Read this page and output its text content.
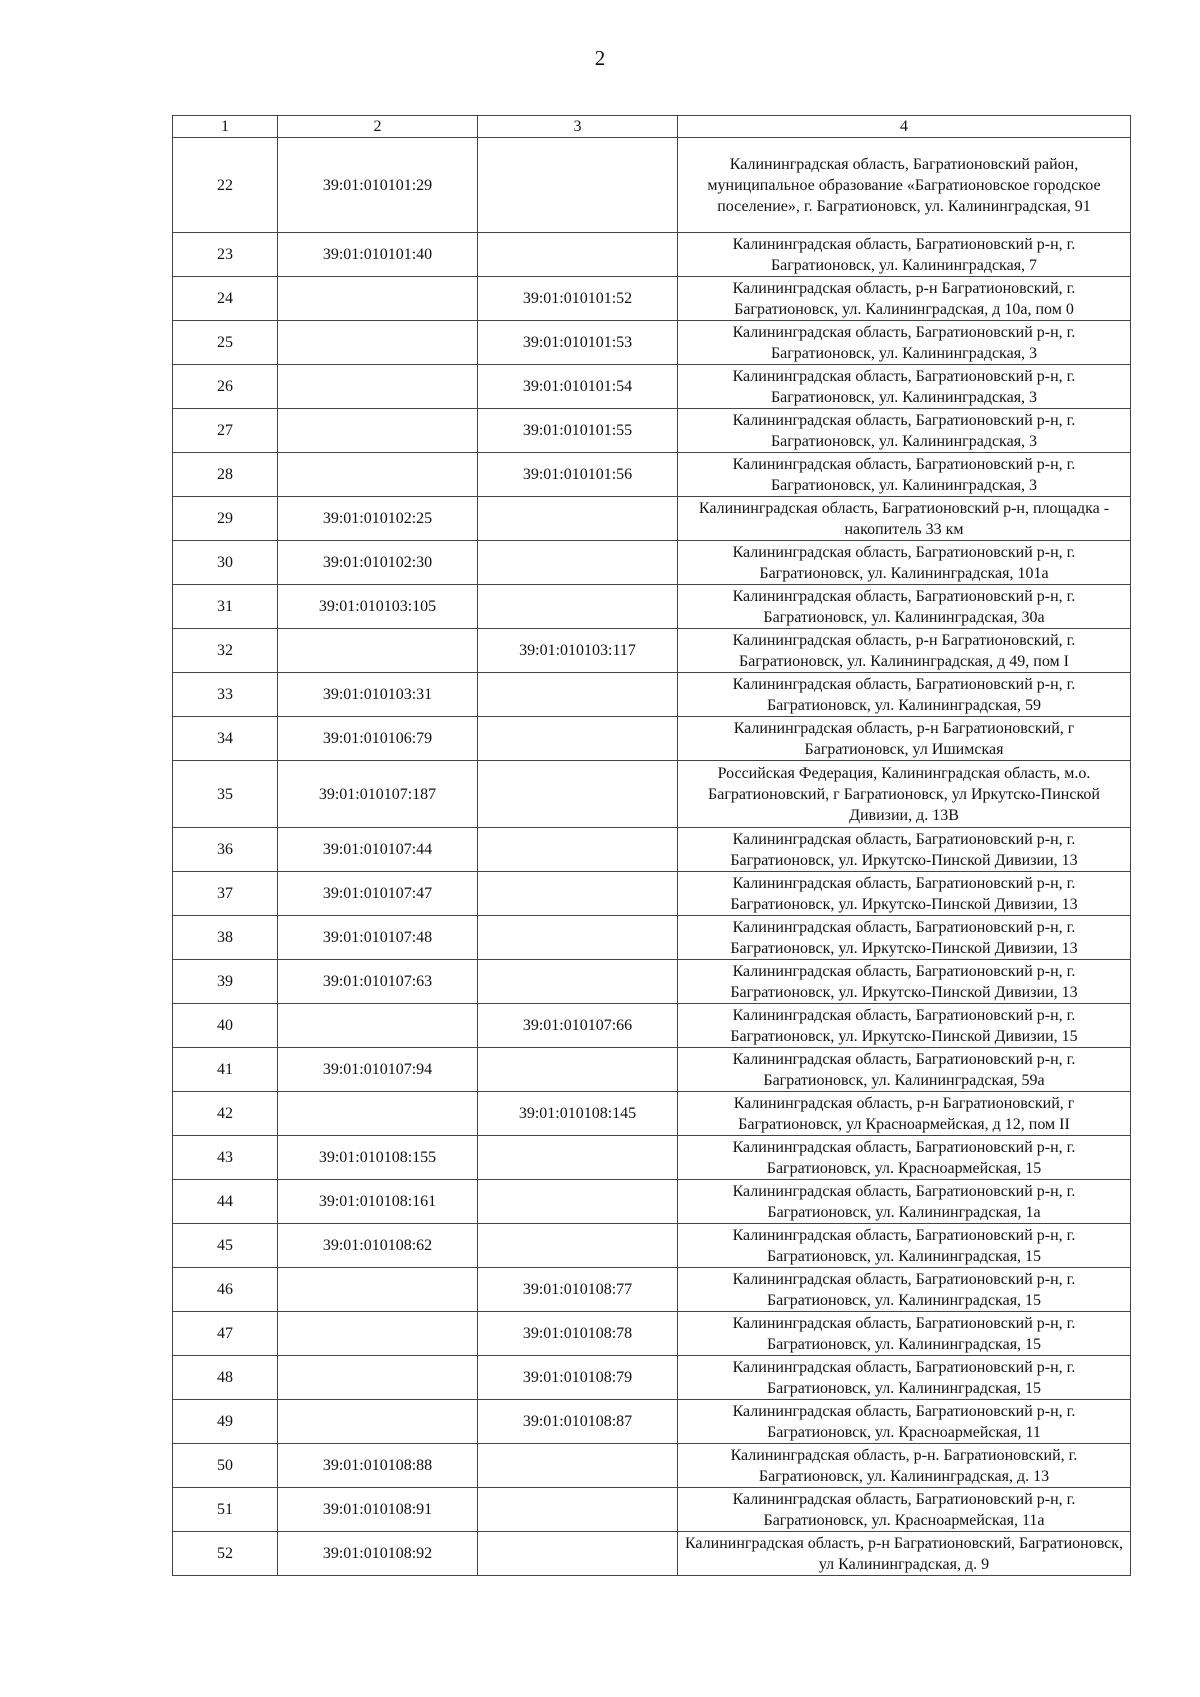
2
1	2	3	4
22	39:01:010101:29		Калининградская область, Багратионовский район, муниципальное образование «Багратионовское городское поселение», г. Багратионовск, ул. Калининградская, 91
23	39:01:010101:40		Калининградская область, Багратионовский р-н, г. Багратионовск, ул. Калининградская, 7
24		39:01:010101:52	Калининградская область, р-н Багратионовский, г. Багратионовск, ул. Калининградская, д 10а, пом 0
25		39:01:010101:53	Калининградская область, Багратионовский р-н, г. Багратионовск, ул. Калининградская, 3
26		39:01:010101:54	Калининградская область, Багратионовский р-н, г. Багратионовск, ул. Калининградская, 3
27		39:01:010101:55	Калининградская область, Багратионовский р-н, г. Багратионовск, ул. Калининградская, 3
28		39:01:010101:56	Калининградская область, Багратионовский р-н, г. Багратионовск, ул. Калининградская, 3
29	39:01:010102:25		Калининградская область, Багратионовский р-н, площадка - накопитель 33 км
30	39:01:010102:30		Калининградская область, Багратионовский р-н, г. Багратионовск, ул. Калининградская, 101а
31	39:01:010103:105		Калининградская область, Багратионовский р-н, г. Багратионовск, ул. Калининградская, 30а
32		39:01:010103:117	Калининградская область, р-н Багратионовский, г. Багратионовск, ул. Калининградская, д 49, пом I
33	39:01:010103:31		Калининградская область, Багратионовский р-н, г. Багратионовск, ул. Калининградская, 59
34	39:01:010106:79		Калининградская область, р-н Багратионовский, г Багратионовск, ул Ишимская
35	39:01:010107:187		Российская Федерация, Калининградская область, м.о. Багратионовский, г Багратионовск, ул Иркутско-Пинской Дивизии, д. 13В
36	39:01:010107:44		Калининградская область, Багратионовский р-н, г. Багратионовск, ул. Иркутско-Пинской Дивизии, 13
37	39:01:010107:47		Калининградская область, Багратионовский р-н, г. Багратионовск, ул. Иркутско-Пинской Дивизии, 13
38	39:01:010107:48		Калининградская область, Багратионовский р-н, г. Багратионовск, ул. Иркутско-Пинской Дивизии, 13
39	39:01:010107:63		Калининградская область, Багратионовский р-н, г. Багратионовск, ул. Иркутско-Пинской Дивизии, 13
40		39:01:010107:66	Калининградская область, Багратионовский р-н, г. Багратионовск, ул. Иркутско-Пинской Дивизии, 15
41	39:01:010107:94		Калининградская область, Багратионовский р-н, г. Багратионовск, ул. Калининградская, 59а
42		39:01:010108:145	Калининградская область, р-н Багратионовский, г Багратионовск, ул Красноармейская, д 12, пом II
43	39:01:010108:155		Калининградская область, Багратионовский р-н, г. Багратионовск, ул. Красноармейская, 15
44	39:01:010108:161		Калининградская область, Багратионовский р-н, г. Багратионовск, ул. Калининградская, 1а
45	39:01:010108:62		Калининградская область, Багратионовский р-н, г. Багратионовск, ул. Калининградская, 15
46		39:01:010108:77	Калининградская область, Багратионовский р-н, г. Багратионовск, ул. Калининградская, 15
47		39:01:010108:78	Калининградская область, Багратионовский р-н, г. Багратионовск, ул. Калининградская, 15
48		39:01:010108:79	Калининградская область, Багратионовский р-н, г. Багратионовск, ул. Калининградская, 15
49		39:01:010108:87	Калининградская область, Багратионовский р-н, г. Багратионовск, ул. Красноармейская, 11
50	39:01:010108:88		Калининградская область, р-н. Багратионовский, г. Багратионовск, ул. Калининградская, д. 13
51	39:01:010108:91		Калининградская область, Багратионовский р-н, г. Багратионовск, ул. Красноармейская, 11а
52	39:01:010108:92		Калининградская область, р-н Багратионовский, Багратионовск, ул Калининградская, д. 9
